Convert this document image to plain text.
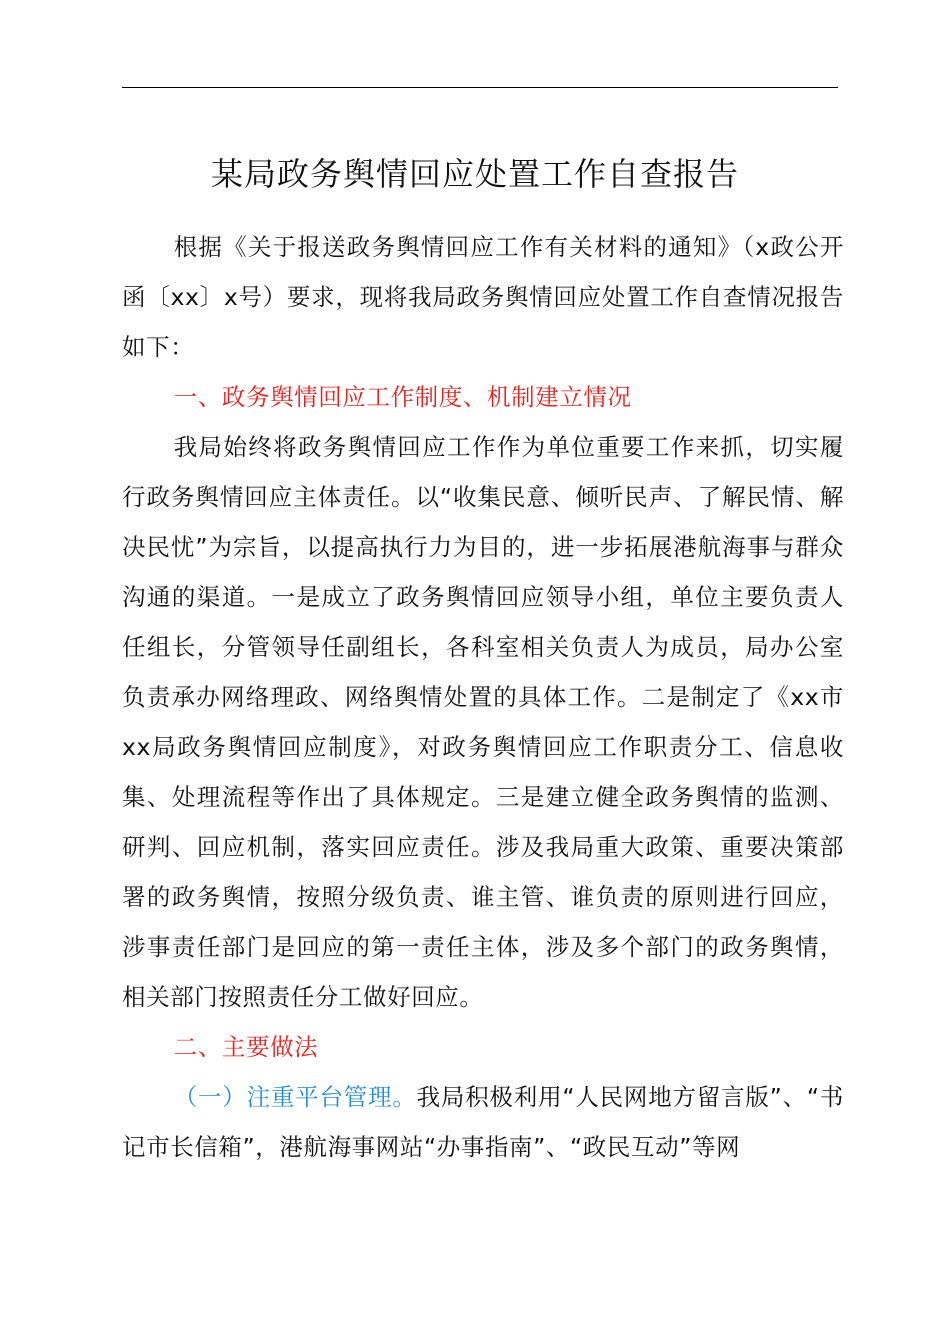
某局政务舆情回应处置工作自查报告

根据《关于报送政务舆情回应工作有关材料的通知》（x政公开函〔xx〕x号）要求，现将我局政务舆情回应处置工作自查情况报告如下：

一、政务舆情回应工作制度、机制建立情况

我局始终将政务舆情回应工作作为单位重要工作来抓，切实履行政务舆情回应主体责任。以“收集民意、倾听民声、了解民情、解决民忧”为宗旨，以提高执行力为目的，进一步拓展港航海事与群众沟通的渠道。一是成立了政务舆情回应领导小组，单位主要负责人任组长，分管领导任副组长，各科室相关负责人为成员，局办公室负责承办网络理政、网络舆情处置的具体工作。二是制定了《xx市xx局政务舆情回应制度》，对政务舆情回应工作职责分工、信息收集、处理流程等作出了具体规定。三是建立健全政务舆情的监测、研判、回应机制，落实回应责任。涉及我局重大政策、重要决策部署的政务舆情，按照分级负责、谁主管、谁负责的原则进行回应，涉事责任部门是回应的第一责任主体，涉及多个部门的政务舆情，相关部门按照责任分工做好回应。

二、主要做法

（一）注重平台管理。我局积极利用“人民网地方留言版”、“书记市长信箱”，港航海事网站“办事指南”、“政民互动”等网
